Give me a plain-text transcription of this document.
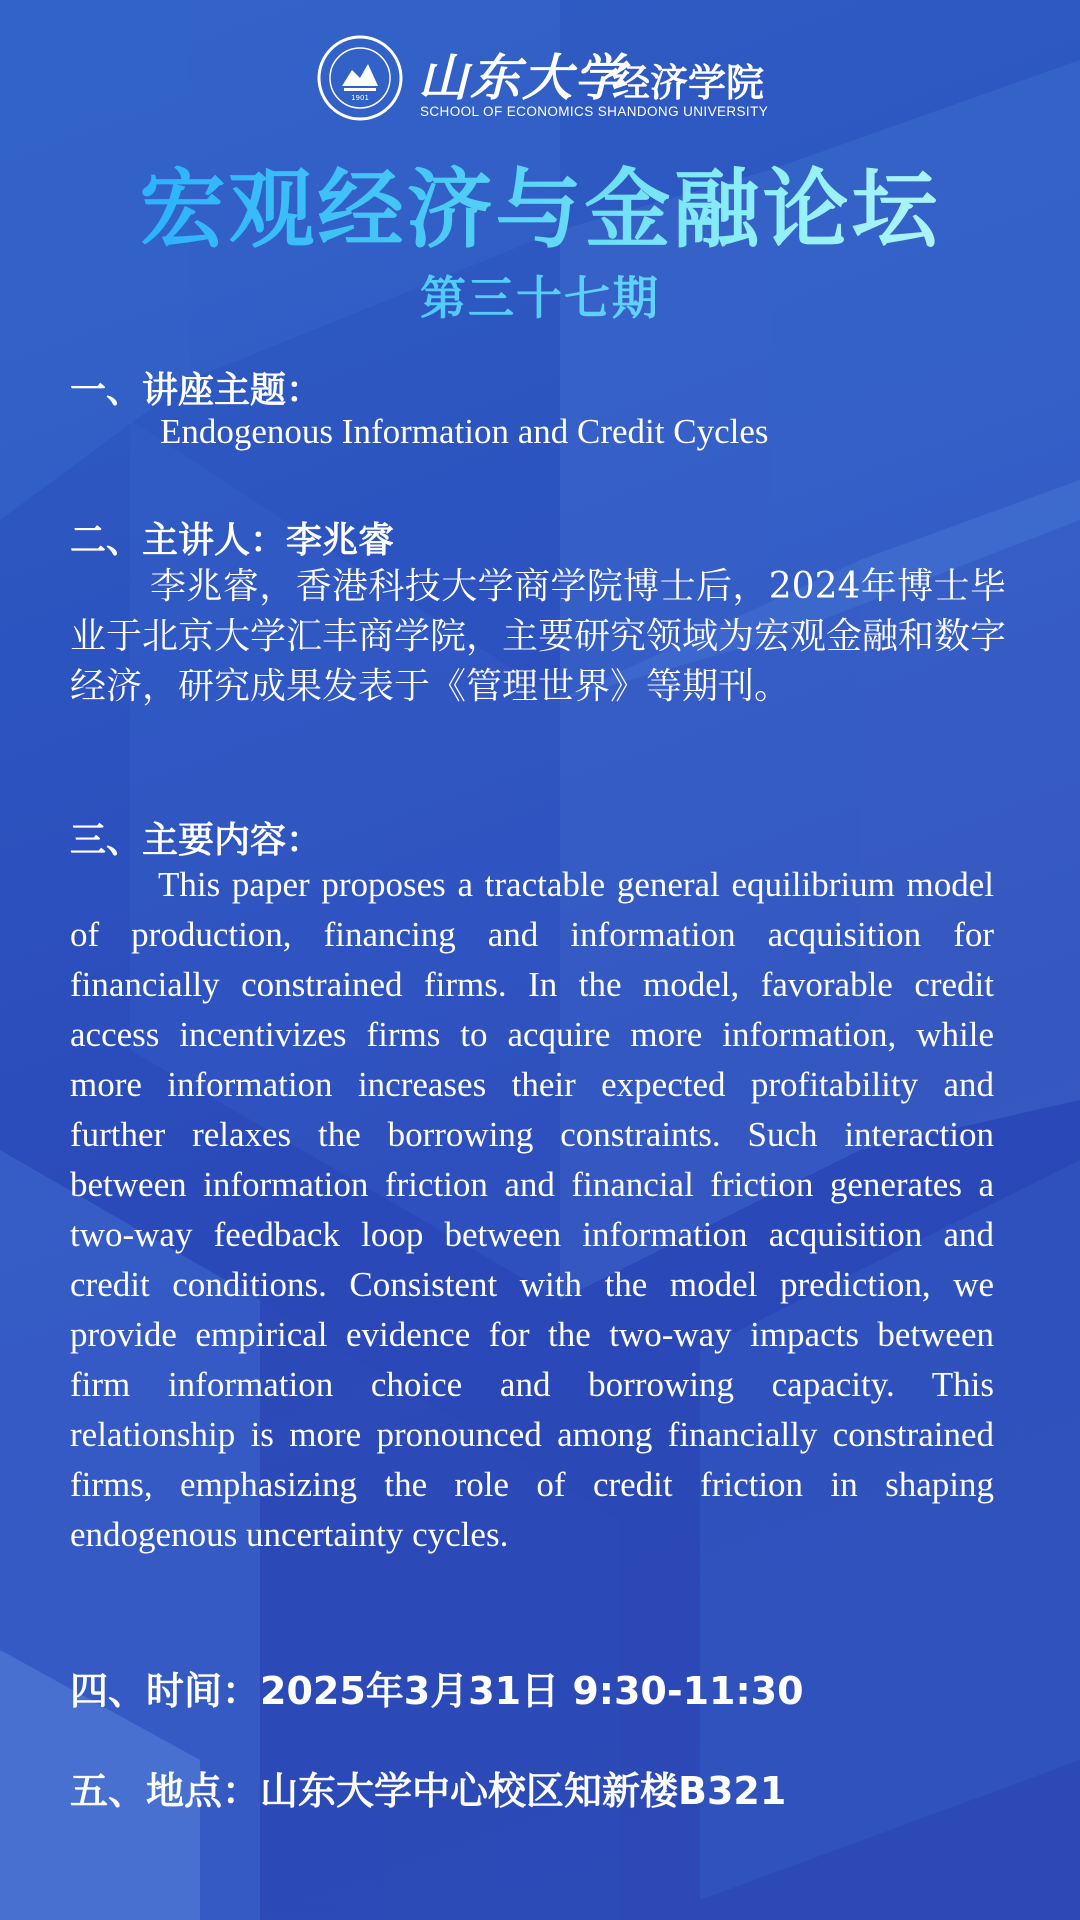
1901 山东大学
经济学院
SCHOOL OF ECONOMICS SHANDONG UNIVERSITY
宏观经济与金融论坛
第三十七期
一、讲座主题：
Endogenous Information and Credit Cycles
二、主讲人：李兆睿
李兆睿，香港科技大学商学院博士后，2024年博士毕业于北京大学汇丰商学院，主要研究领域为宏观金融和数字经济，研究成果发表于《管理世界》等期刊。
三、主要内容：
This paper proposes a tractable general equilibrium model of production, financing and information acquisition for financially constrained firms. In the model, favorable credit access incentivizes firms to acquire more information, while more information increases their expected profitability and further relaxes the borrowing constraints. Such interaction between information friction and financial friction generates a two-way feedback loop between information acquisition and credit conditions. Consistent with the model prediction, we provide empirical evidence for the two-way impacts between firm information choice and borrowing capacity. This relationship is more pronounced among financially constrained firms, emphasizing the role of credit friction in shaping endogenous uncertainty cycles.
四、时间：2025年3月31日 9:30-11:30
五、地点：山东大学中心校区知新楼B321
